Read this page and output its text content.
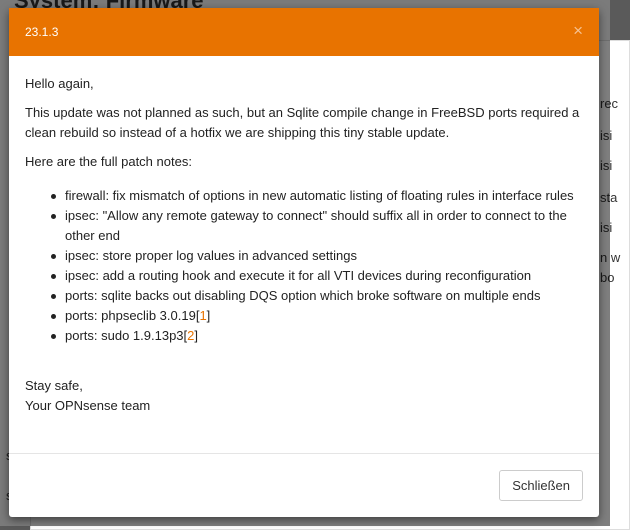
23.1.3	×

Hello again,

This update was not planned as such, but an Sqlite compile change in FreeBSD ports required a clean rebuild so instead of a hotfix we are shipping this tiny stable update.

Here are the full patch notes:

firewall: fix mismatch of options in new automatic listing of floating rules in interface rules
ipsec: "Allow any remote gateway to connect" should suffix all in order to connect to the other end
ipsec: store proper log values in advanced settings
ipsec: add a routing hook and execute it for all VTI devices during reconfiguration
ports: sqlite backs out disabling DQS option which broke software on multiple ends
ports: phpseclib 3.0.19[1]
ports: sudo 1.9.13p3[2]
Stay safe,
Your OPNsense team
Schließen
